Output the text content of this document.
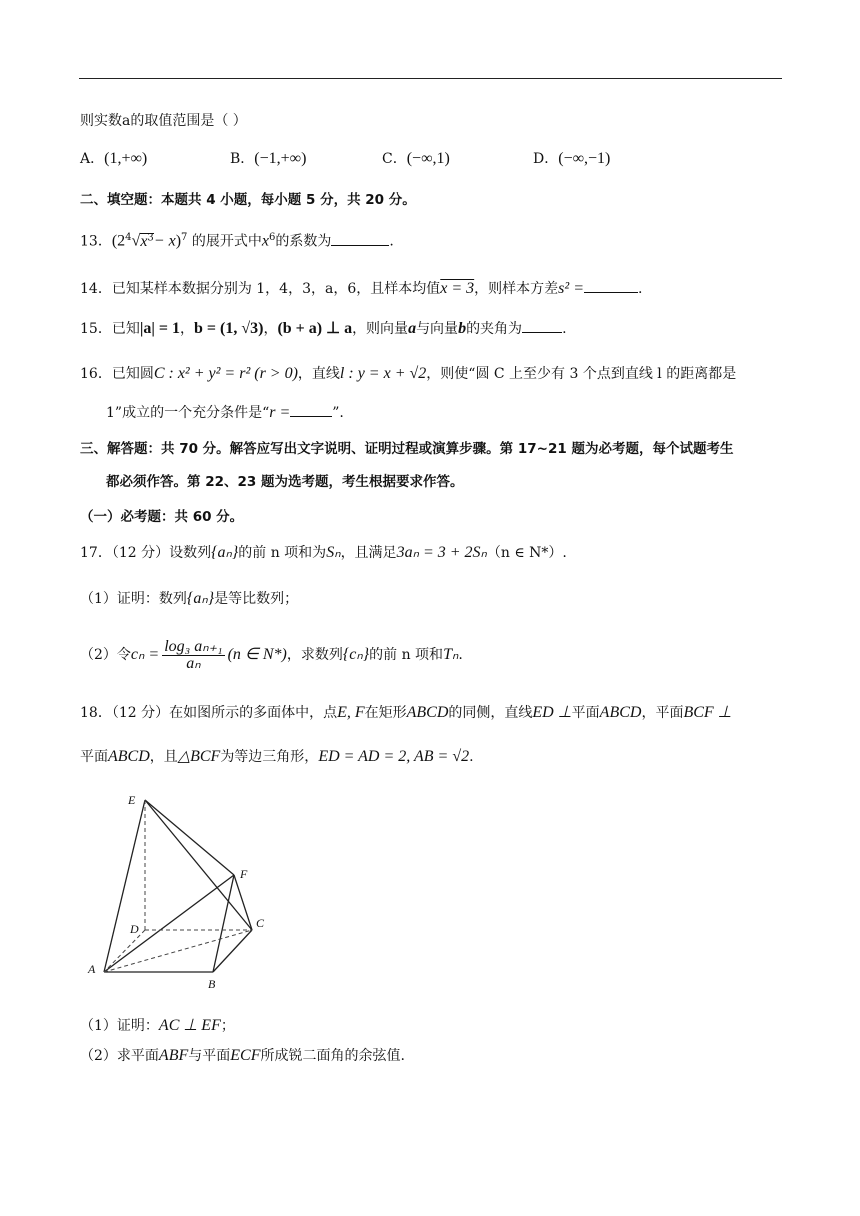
则实数a的取值范围是（ ）
A．(1,+∞)	B．(−1,+∞)	C．(−∞,1)	D．(−∞,−1)
二、填空题：本题共 4 小题，每小题 5 分，共 20 分。
13．$(2^4√x^3- x)^7$ 的展开式中$x^6$的系数为	.
14．已知某样本数据分别为 1，4，3，a，6，且样本均值x = 3，则样本方差s² =	.
15．已知|a| = 1，b = (1, √3)，(b + a) ⊥ a，则向量a与向量b的夹角为	.
16．已知圆C : x² + y² = r² (r > 0)，直线l : y = x + √2，则使“圆 C 上至少有 3 个点到直线 l 的距离都是
1”成立的一个充分条件是“r =	”.
三、解答题：共 70 分。解答应写出文字说明、证明过程或演算步骤。第 17~21 题为必考题，每个试题考生
都必须作答。第 22、23 题为选考题，考生根据要求作答。
（一）必考题：共 60 分。
17．（12 分）设数列{aₙ}的前 n 项和为Sₙ，且满足3aₙ = 3 + 2Sₙ（n ∈ N*）.
（1）证明：数列{aₙ}是等比数列；
（2）令$c_n = \frac{\text{log₃ aₙ₊₁}}{\text{aₙ}} (n$ ∈ N*)，求数列{cₙ}的前 n 项和Tₙ.
18．（12 分）在如图所示的多面体中，点E, F在矩形ABCD的同侧，直线ED ⊥平面ABCD，平面BCF ⊥
平面ABCD，且△BCF为等边三角形，ED = AD = 2, AB = √2.
E
F
D	C
A
B
（1）证明：AC ⊥ EF；
（2）求平面ABF与平面ECF所成锐二面角的余弦值.
